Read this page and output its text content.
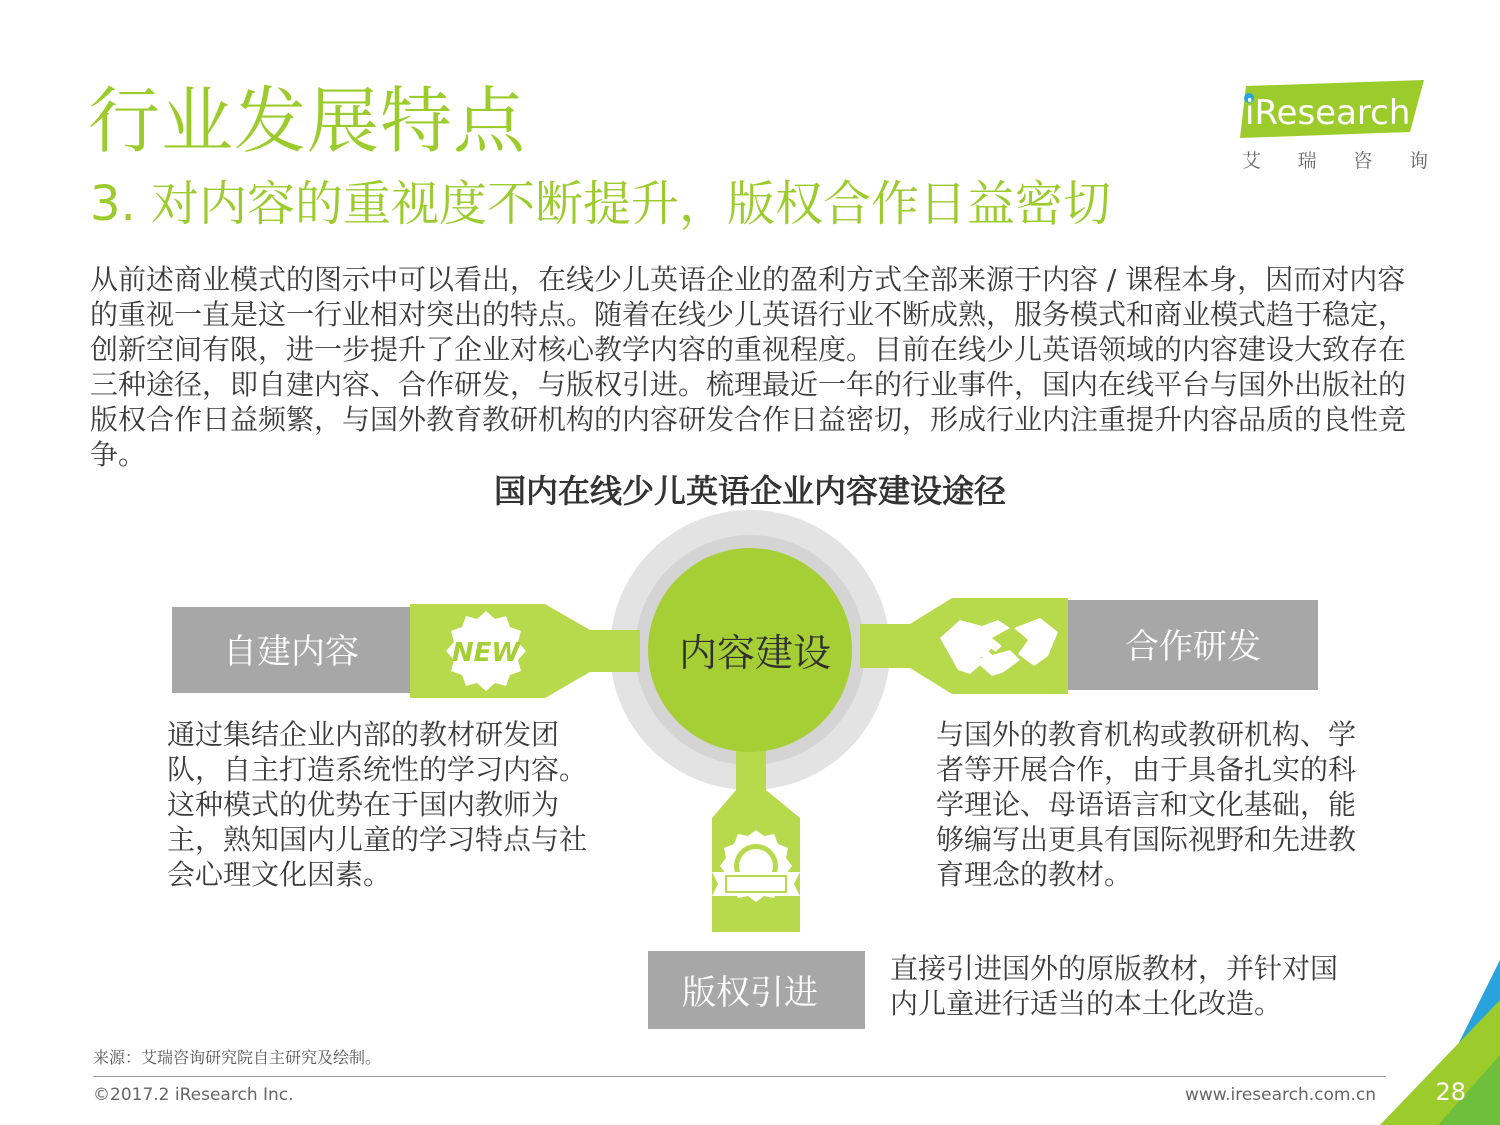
行业发展特点
3. 对内容的重视度不断提升，版权合作日益密切
iResearch
艾 瑞 咨 询
从前述商业模式的图示中可以看出，在线少儿英语企业的盈利方式全部来源于内容 / 课程本身，因而对内容的重视一直是这一行业相对突出的特点。随着在线少儿英语行业不断成熟，服务模式和商业模式趋于稳定，创新空间有限，进一步提升了企业对核心教学内容的重视程度。目前在线少儿英语领域的内容建设大致存在三种途径，即自建内容、合作研发，与版权引进。梳理最近一年的行业事件，国内在线平台与国外出版社的版权合作日益频繁，与国外教育教研机构的内容研发合作日益密切，形成行业内注重提升内容品质的良性竞争。
国内在线少儿英语企业内容建设途径
内容建设
自建内容	合作研发
版权引进
NEW
通过集结企业内部的教材研发团队，自主打造系统性的学习内容。这种模式的优势在于国内教师为主，熟知国内儿童的学习特点与社会心理文化因素。
与国外的教育机构或教研机构、学者等开展合作，由于具备扎实的科学理论、母语语言和文化基础，能够编写出更具有国际视野和先进教育理念的教材。
直接引进国外的原版教材，并针对国内儿童进行适当的本土化改造。
来源：艾瑞咨询研究院自主研究及绘制。
©2017.2 iResearch Inc.	www.iresearch.com.cn 28
